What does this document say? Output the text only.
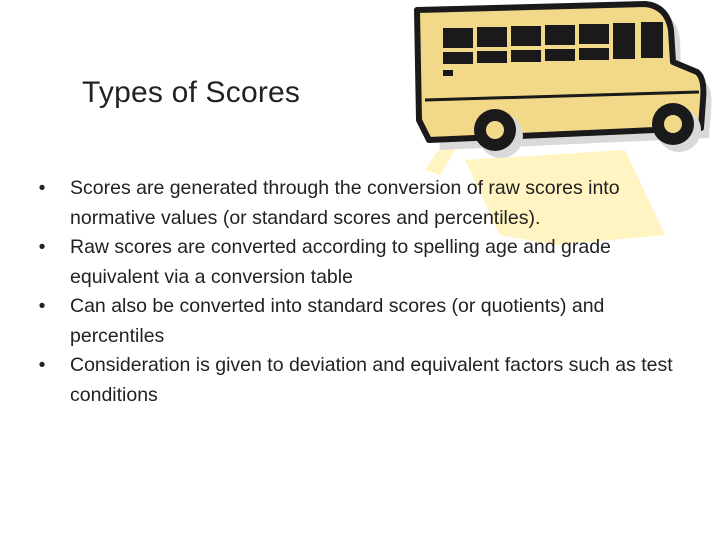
Types of Scores
•	Scores are generated through the conversion of raw scores into normative values (or standard scores and percentiles).
•	Raw scores are converted according to spelling age and grade equivalent via a conversion table
•	Can also be converted into standard scores (or quotients) and percentiles
•	Consideration is given to deviation and equivalent factors such as test conditions
